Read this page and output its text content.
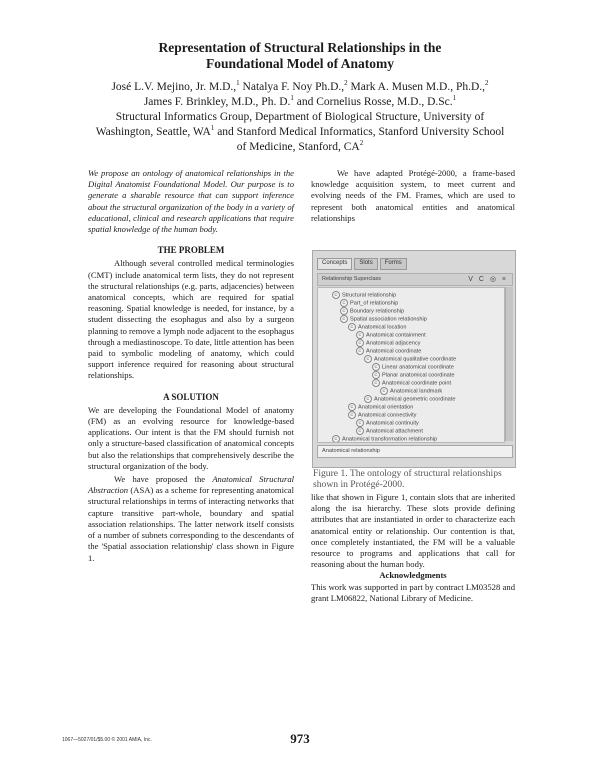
Representation of Structural Relationships in the
Foundational Model of Anatomy
José L.V. Mejino, Jr. M.D.,$^1$ Natalya F. Noy Ph.D.,$^2$ Mark A. Musen M.D., Ph.D.,$^2$
James F. Brinkley, M.D., Ph. D.$^1$ and Cornelius Rosse, M.D., D.Sc.$^1$
Structural Informatics Group, Department of Biological Structure, University of
Washington, Seattle, $WA^1$ and Stanford Medical Informatics, Stanford University School
of Medicine, Stanford, $CA^2$

We propose an ontology of anatomical relationships in the Digital Anatomist Foundational Model. Our purpose is to generate a sharable resource that can support inference about the structural organization of the body in a variety of educational, clinical and research applications that require spatial knowledge of the human body.

THE PROBLEM

Although several controlled medical terminologies (CMT) include anatomical term lists, they do not represent the structural relationships (e.g. parts, adjacencies) between anatomical concepts, which are required for spatial reasoning. Spatial knowledge is needed, for instance, by a student dissecting the esophagus and also by a surgeon planning to remove a lymph node adjacent to the esophagus through a mediastinoscope. To date, little attention has been paid to symbolic modeling of anatomy, which could support inference required for reasoning about structural relationships.

A SOLUTION

We are developing the Foundational Model of anatomy (FM) as an evolving resource for knowledge-based applications. Our intent is that the FM should furnish not only a structure-based classification of anatomical concepts but also the relationships that comprehensively describe the structural organization of the body.

We have proposed the Anatomical Structural Abstraction (ASA) as a scheme for representing anatomical structural relationships in terms of interacting networks that capture transitive part-whole, boundary and spatial association relationships. The latter network itself consists of a number of subnets corresponding to the descendants of the 'Spatial association relationship' class shown in Figure 1.

We have adapted Protégé-2000, a frame-based knowledge acquisition system, to meet current and evolving needs of the FM. Frames, which are used to represent both anatomical entities and anatomical relationships
Concepts	Slots	Forms
Relationship Superclass	V C ◎ ×
C Structural relationship
C Part_of relationship
C Boundary relationship
C Spatial association relationship
C Anatomical location
C Anatomical containment
C Anatomical adjacency
C Anatomical coordinate
C Anatomical qualitative coordinate
C Linear anatomical coordinate
C Planar anatomical coordinate
C Anatomical coordinate point
C Anatomical landmark
C Anatomical geometric coordinate
C Anatomical orientation
C Anatomical connectivity
C Anatomical continuity
C Anatomical attachment
C Anatomical transformation relationship
Anatomical relationship
Figure 1. The ontology of structural relationships shown in Protégé-2000.

like that shown in Figure 1, contain slots that are inherited along the isa hierarchy. These slots provide defining attributes that are instantiated in order to characterize each anatomical entity or relationship. Our contention is that, once completely instantiated, the FM will be a valuable resource to programs and applications that call for reasoning about the human body.

Acknowledgments

This work was supported in part by contract LM03528 and grant LM06822, National Library of Medicine.

1067—5027/01/$5.00 © 2001 AMIA, Inc.	973
